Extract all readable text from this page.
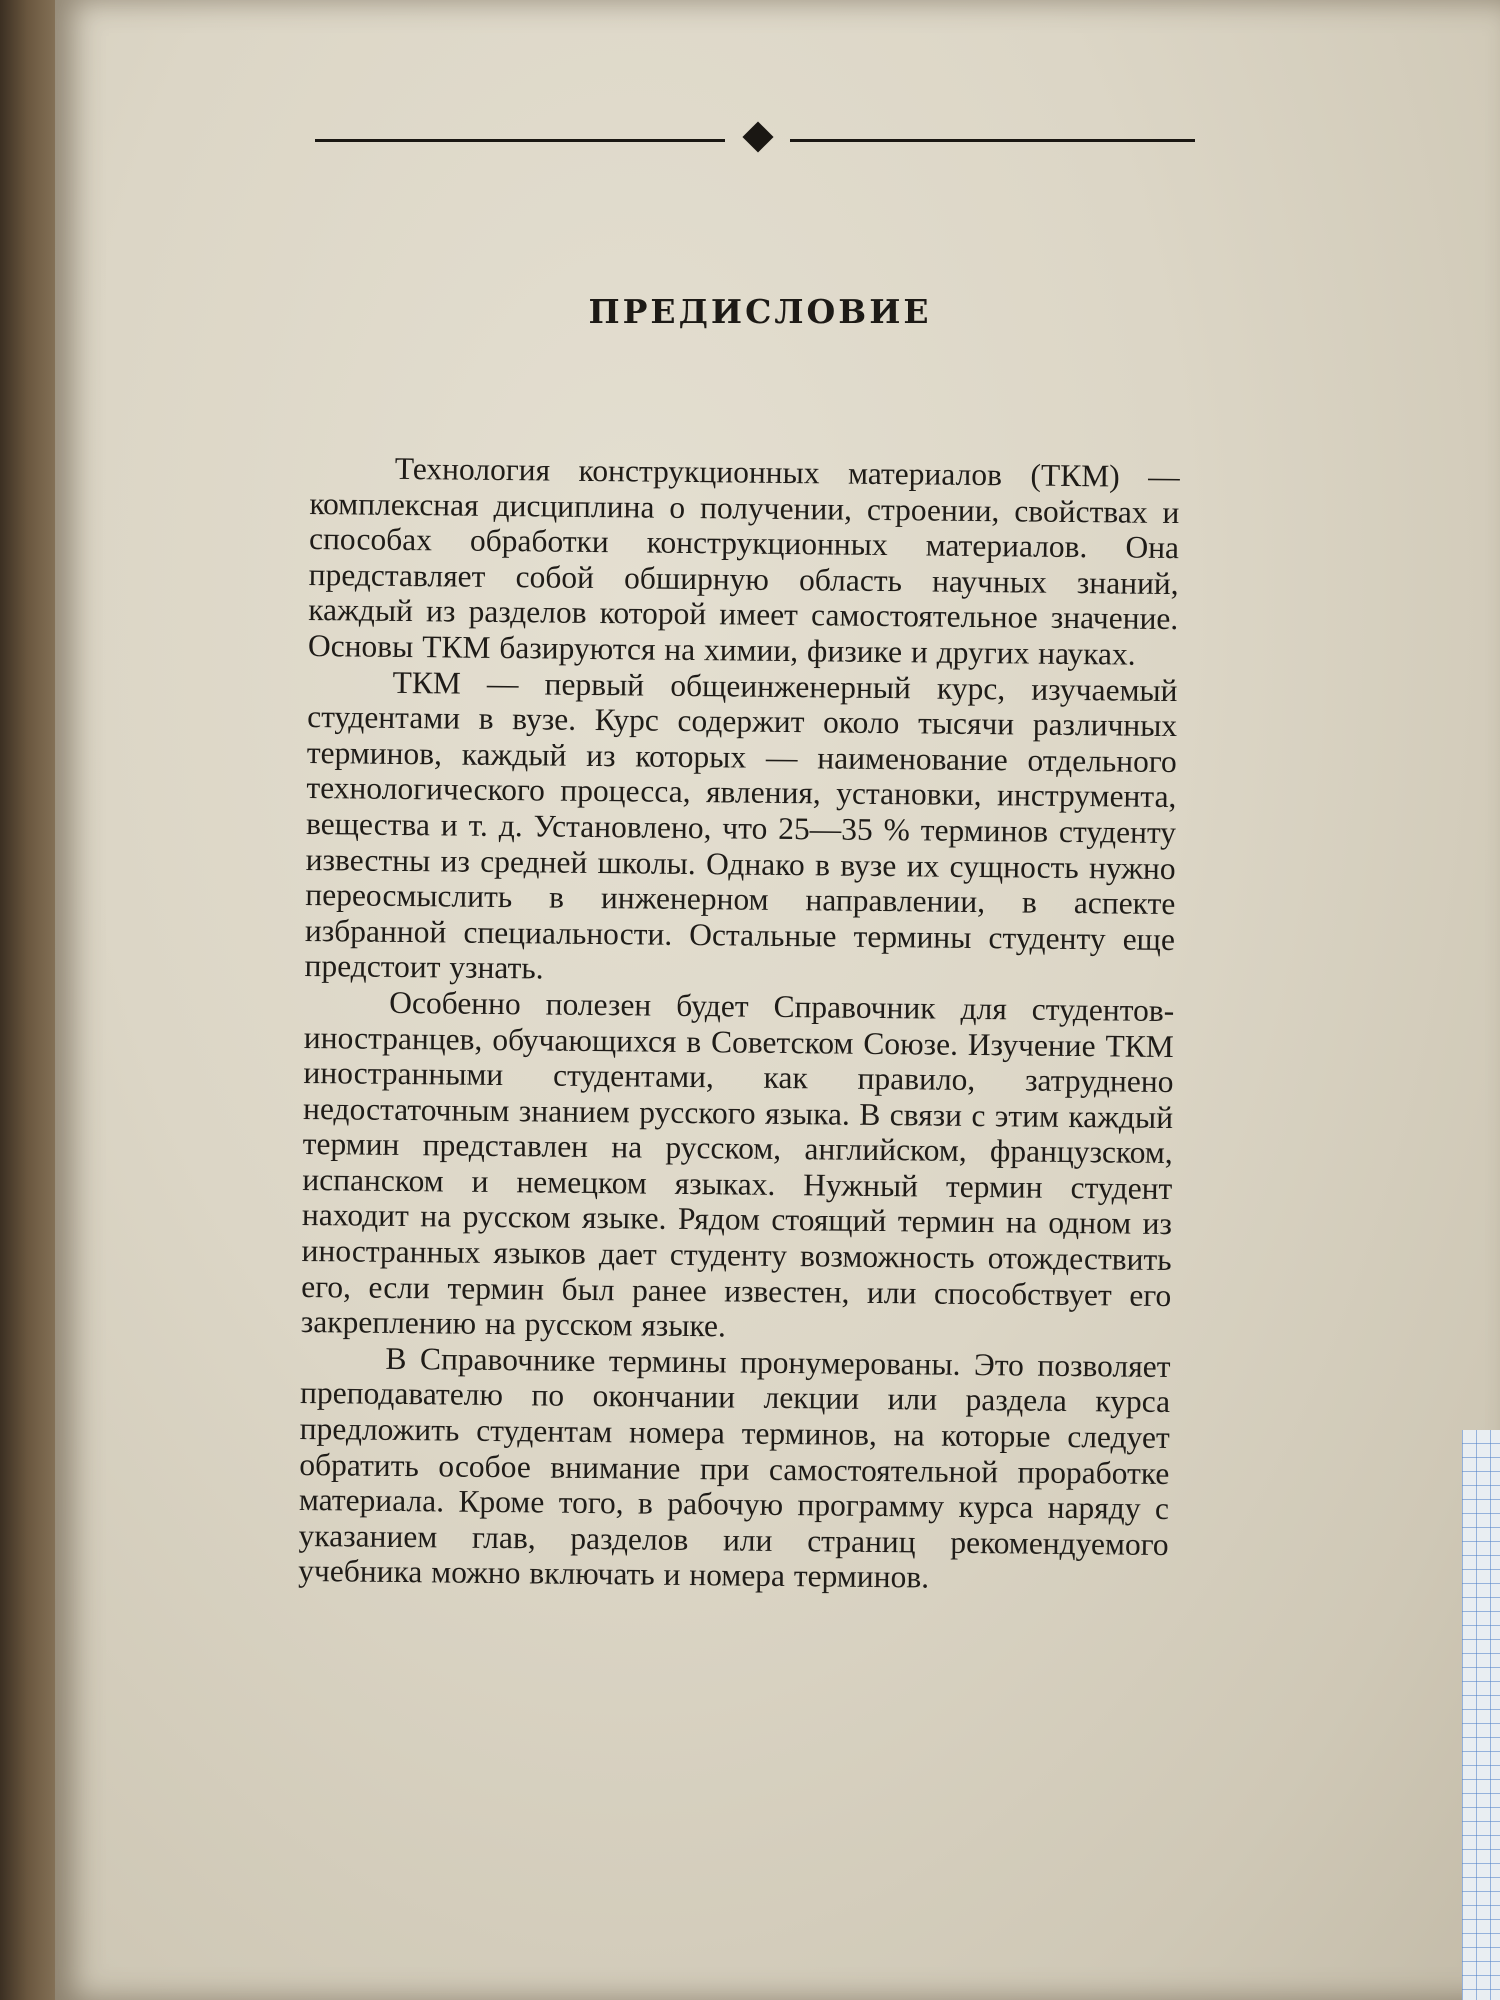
ПРЕДИСЛОВИЕ

Технология конструкционных материалов (ТКМ) — комплексная дисциплина о получении, строении, свойствах и способах обработки конструкционных материалов. Она представляет собой обширную область научных знаний, каждый из разделов которой имеет самостоятельное значение. Основы ТКМ базируются на химии, физике и других науках.

ТКМ — первый общеинженерный курс, изучаемый студентами в вузе. Курс содержит около тысячи различных терминов, каждый из которых — наименование отдельного технологического процесса, явления, установки, инструмента, вещества и т. д. Установлено, что 25—35 % терминов студенту известны из средней школы. Однако в вузе их сущность нужно переосмыслить в инженерном направлении, в аспекте избранной специальности. Остальные термины студенту еще предстоит узнать.

Особенно полезен будет Справочник для студентов-иностранцев, обучающихся в Советском Союзе. Изучение ТКМ иностранными студентами, как правило, затруднено недостаточным знанием русского языка. В связи с этим каждый термин представлен на русском, английском, французском, испанском и немецком языках. Нужный термин студент находит на русском языке. Рядом стоящий термин на одном из иностранных языков дает студенту возможность отождествить его, если термин был ранее известен, или способствует его закреплению на русском языке.

В Справочнике термины пронумерованы. Это позволяет преподавателю по окончании лекции или раздела курса предложить студентам номера терминов, на которые следует обратить особое внимание при самостоятельной проработке материала. Кроме того, в рабочую программу курса наряду с указанием глав, разделов или страниц рекомендуемого учебника можно включать и номера терминов.
